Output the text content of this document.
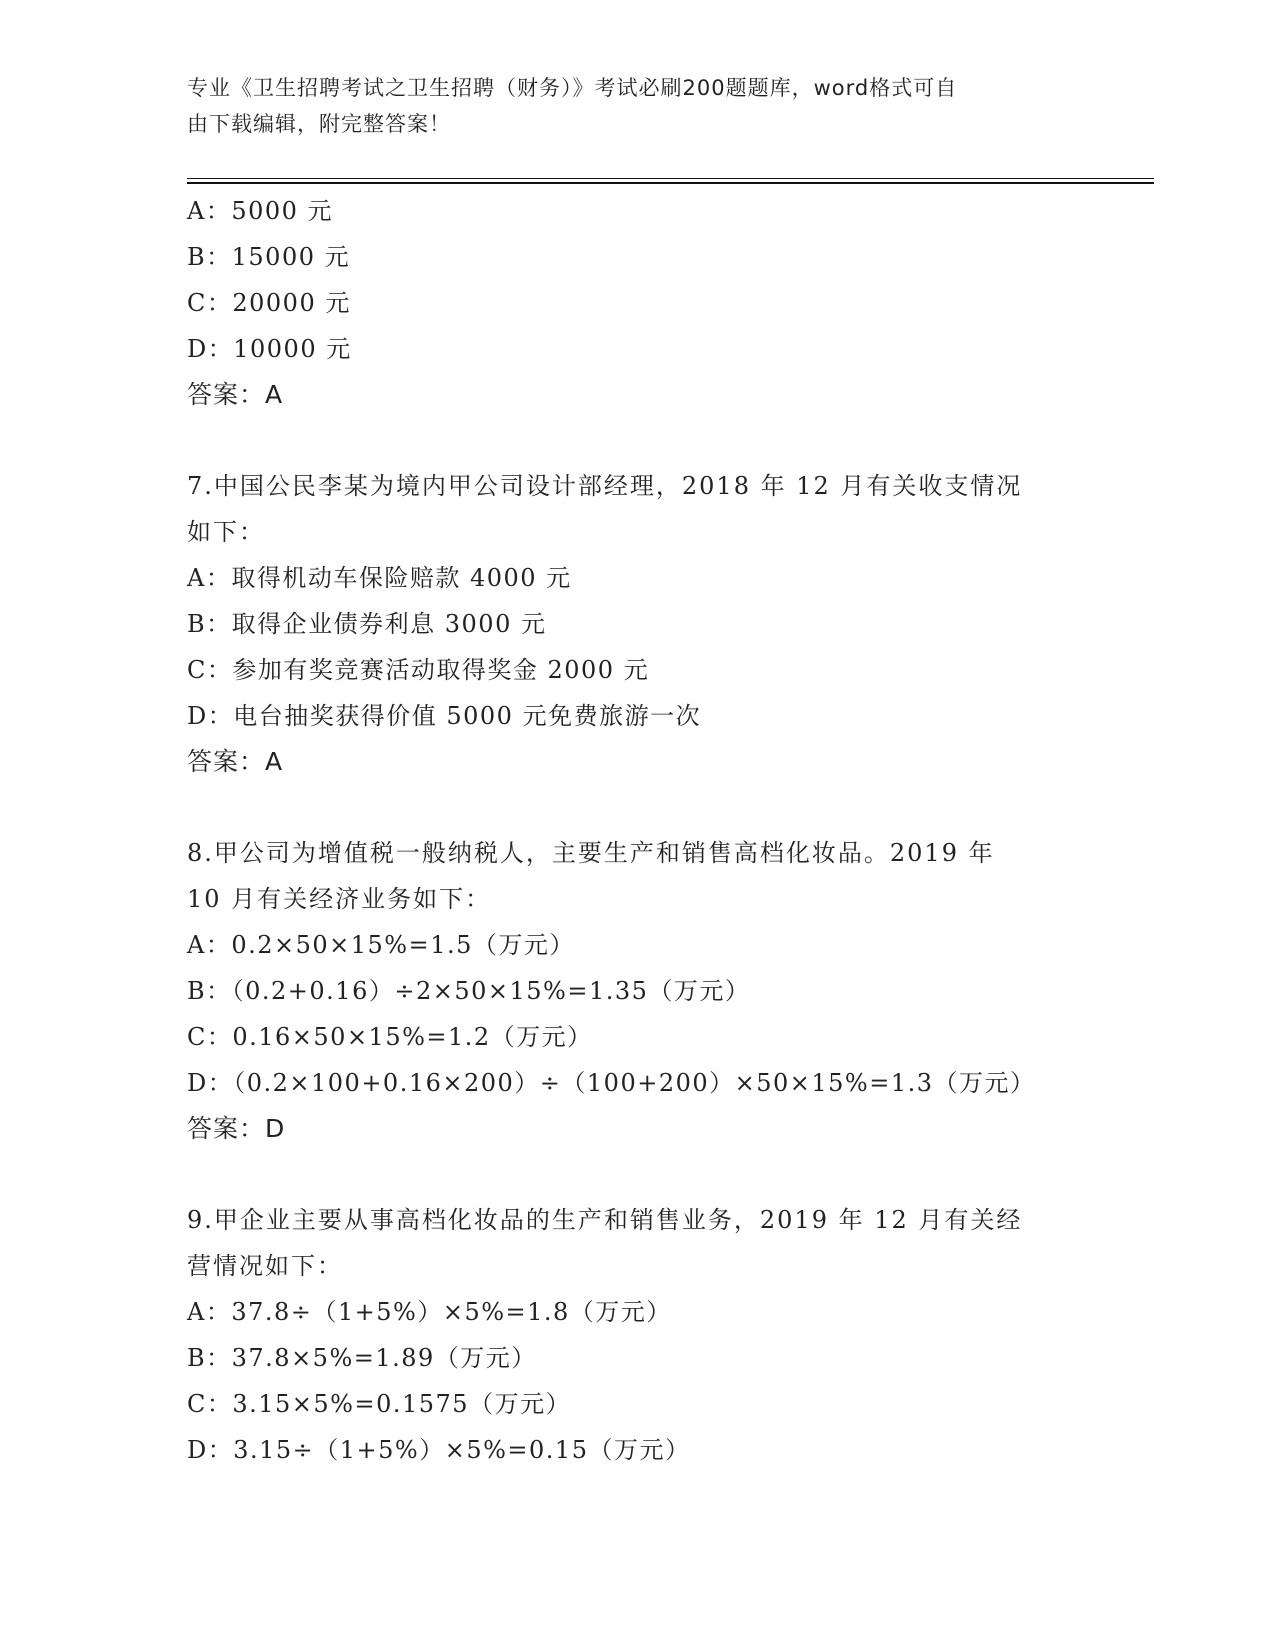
专业《卫生招聘考试之卫生招聘（财务）》考试必刷200题题库，word格式可自
由下载编辑，附完整答案！
A：5000 元
B：15000 元
C：20000 元
D：10000 元
答案：A
7.中国公民李某为境内甲公司设计部经理，2018 年 12 月有关收支情况
如下：
A：取得机动车保险赔款 4000 元
B：取得企业债券利息 3000 元
C：参加有奖竞赛活动取得奖金 2000 元
D：电台抽奖获得价值 5000 元免费旅游一次
答案：A
8.甲公司为增值税一般纳税人，主要生产和销售高档化妆品。2019 年
10 月有关经济业务如下：
A：0.2×50×15%=1.5（万元）
B：（0.2+0.16）÷2×50×15%=1.35（万元）
C：0.16×50×15%=1.2（万元）
D：（0.2×100+0.16×200）÷（100+200）×50×15%=1.3（万元）
答案：D
9.甲企业主要从事高档化妆品的生产和销售业务，2019 年 12 月有关经
营情况如下：
A：37.8÷（1+5%）×5%=1.8（万元）
B：37.8×5%=1.89（万元）
C：3.15×5%=0.1575（万元）
D：3.15÷（1+5%）×5%=0.15（万元）
